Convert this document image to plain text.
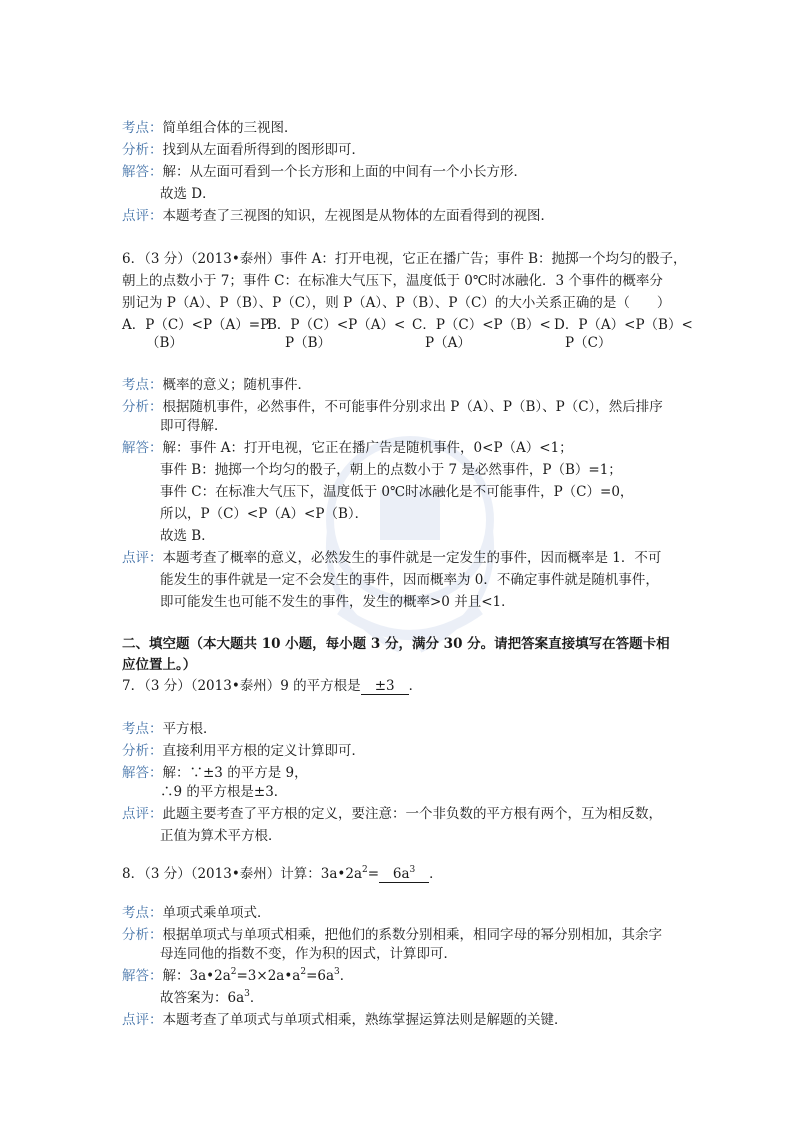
考点：简单组合体的三视图．
分析：找到从左面看所得到的图形即可．
解答：解：从左面可看到一个长方形和上面的中间有一个小长方形．
故选 D．
点评：本题考查了三视图的知识，左视图是从物体的左面看得到的视图．
6．（3 分）（2013•泰州）事件 A：打开电视，它正在播广告；事件 B：抛掷一个均匀的骰子，
朝上的点数小于 7；事件 C：在标准大气压下，温度低于 0℃时冰融化．3 个事件的概率分
别记为 P（A）、P（B）、P（C），则 P（A）、P（B）、P（C）的大小关系正确的是（　　）
A．P（C）<P（A）=P
（B）
B．P（C）<P（A）<
P（B）
C．P（C）<P（B）<
P（A）
D．P（A）<P（B）<
P（C）
考点：概率的意义；随机事件．
分析：根据随机事件，必然事件，不可能事件分别求出 P（A）、P（B）、P（C），然后排序
即可得解．
解答：解：事件 A：打开电视，它正在播广告是随机事件，0<P（A）<1；
事件 B：抛掷一个均匀的骰子，朝上的点数小于 7 是必然事件，P（B）=1；
事件 C：在标准大气压下，温度低于 0℃时冰融化是不可能事件，P（C）=0，
所以，P（C）<P（A）<P（B）．
故选 B．
点评：本题考查了概率的意义，必然发生的事件就是一定发生的事件，因而概率是 1．不可
能发生的事件就是一定不会发生的事件，因而概率为 0．不确定事件就是随机事件，
即可能发生也可能不发生的事件，发生的概率>0 并且<1．
二、填空题（本大题共 10 小题，每小题 3 分，满分 30 分。请把答案直接填写在答题卡相
应位置上。）
7．（3 分）（2013•泰州）9 的平方根是 ±3 ．
考点：平方根．
分析：直接利用平方根的定义计算即可．
解答：解：∵±3 的平方是 9，
∴9 的平方根是±3．
点评：此题主要考查了平方根的定义，要注意：一个非负数的平方根有两个，互为相反数，
正值为算术平方根．
8．（3 分）（2013•泰州）计算：$3a•2a^2= 6a^3$ ．
考点：单项式乘单项式．
分析：根据单项式与单项式相乘，把他们的系数分别相乘，相同字母的幂分别相加，其余字
母连同他的指数不变，作为积的因式，计算即可．
解答：解：$3a•2a^2=3\times 2a•a^2=6a^3$．
故答案为：$6a^3$．
点评：本题考查了单项式与单项式相乘，熟练掌握运算法则是解题的关键．
